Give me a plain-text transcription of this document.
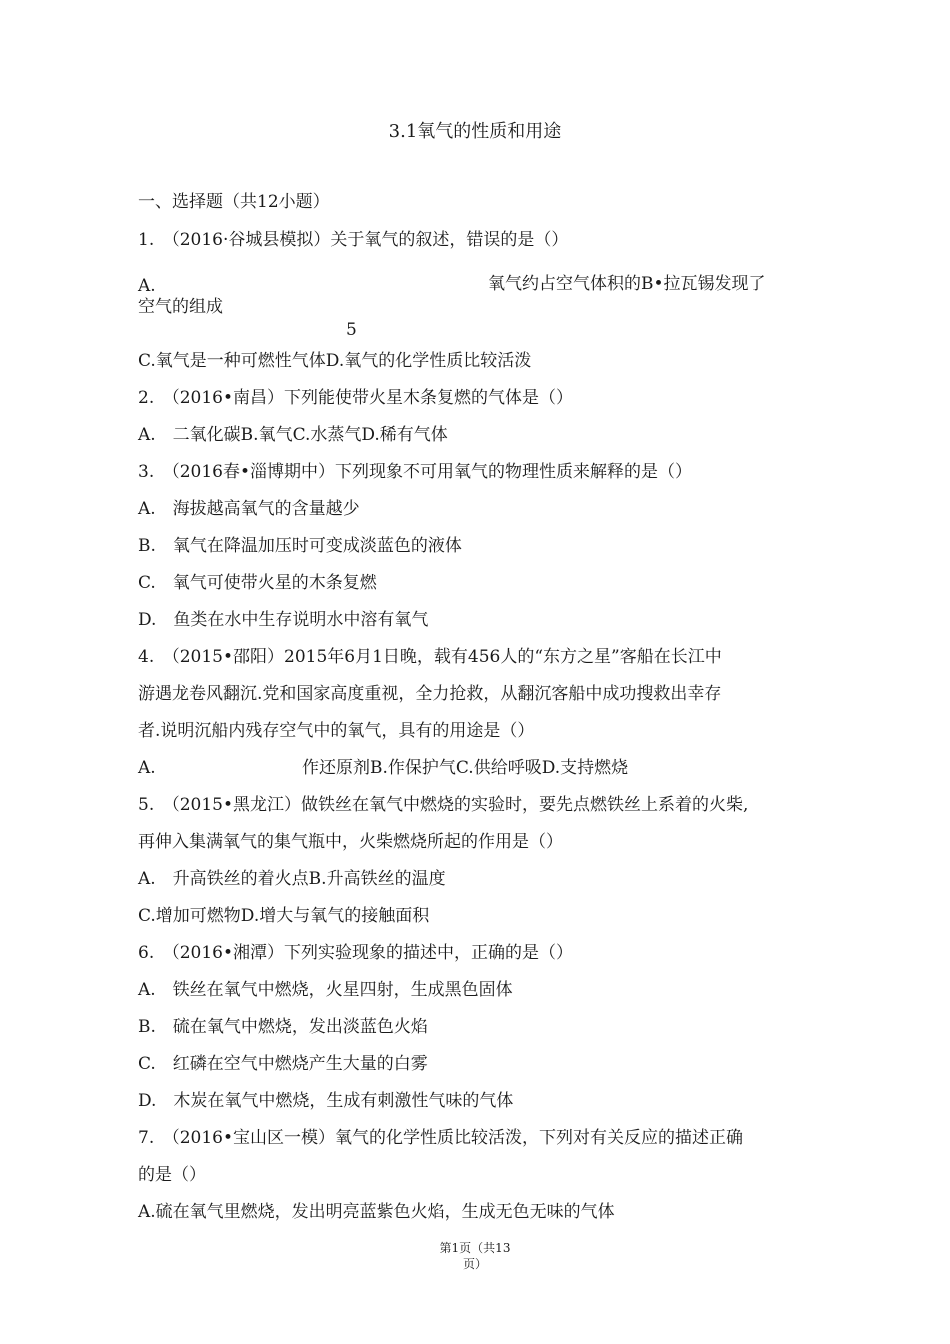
3.1氧气的性质和用途
一、选择题（共12小题）
1.　（2016·谷城县模拟）关于氧气的叙述，错误的是（）
A.	氧气约占空气体积的B•拉瓦锡发现了
空气的组成
5
C.氧气是一种可燃性气体D.氧气的化学性质比较活泼
2.　（2016•南昌）下列能使带火星木条复燃的气体是（）
A.　二氧化碳B.氧气C.水蒸气D.稀有气体
3.　（2016春•淄博期中）下列现象不可用氧气的物理性质来解释的是（）
A.　海拔越高氧气的含量越少
B.　氧气在降温加压时可变成淡蓝色的液体
C.　氧气可使带火星的木条复燃
D.　鱼类在水中生存说明水中溶有氧气
4.　（2015•邵阳）2015年6月1日晚，载有456人的“东方之星”客船在长江中
游遇龙卷风翻沉.党和国家高度重视，全力抢救，从翻沉客船中成功搜救出幸存
者.说明沉船内残存空气中的氧气，具有的用途是（）
A.	作还原剂B.作保护气C.供给呼吸D.支持燃烧
5.　（2015•黑龙江）做铁丝在氧气中燃烧的实验时，要先点燃铁丝上系着的火柴,
再伸入集满氧气的集气瓶中，火柴燃烧所起的作用是（）
A.　升高铁丝的着火点B.升高铁丝的温度
C.增加可燃物D.增大与氧气的接触面积
6.　（2016•湘潭）下列实验现象的描述中，正确的是（）
A.　铁丝在氧气中燃烧，火星四射，生成黑色固体
B.　硫在氧气中燃烧，发出淡蓝色火焰
C.　红磷在空气中燃烧产生大量的白雾
D.　木炭在氧气中燃烧，生成有刺激性气味的气体
7.　（2016•宝山区一模）氧气的化学性质比较活泼，下列对有关反应的描述正确
的是（）
A.硫在氧气里燃烧，发出明亮蓝紫色火焰，生成无色无味的气体
第1页（共13
页）
